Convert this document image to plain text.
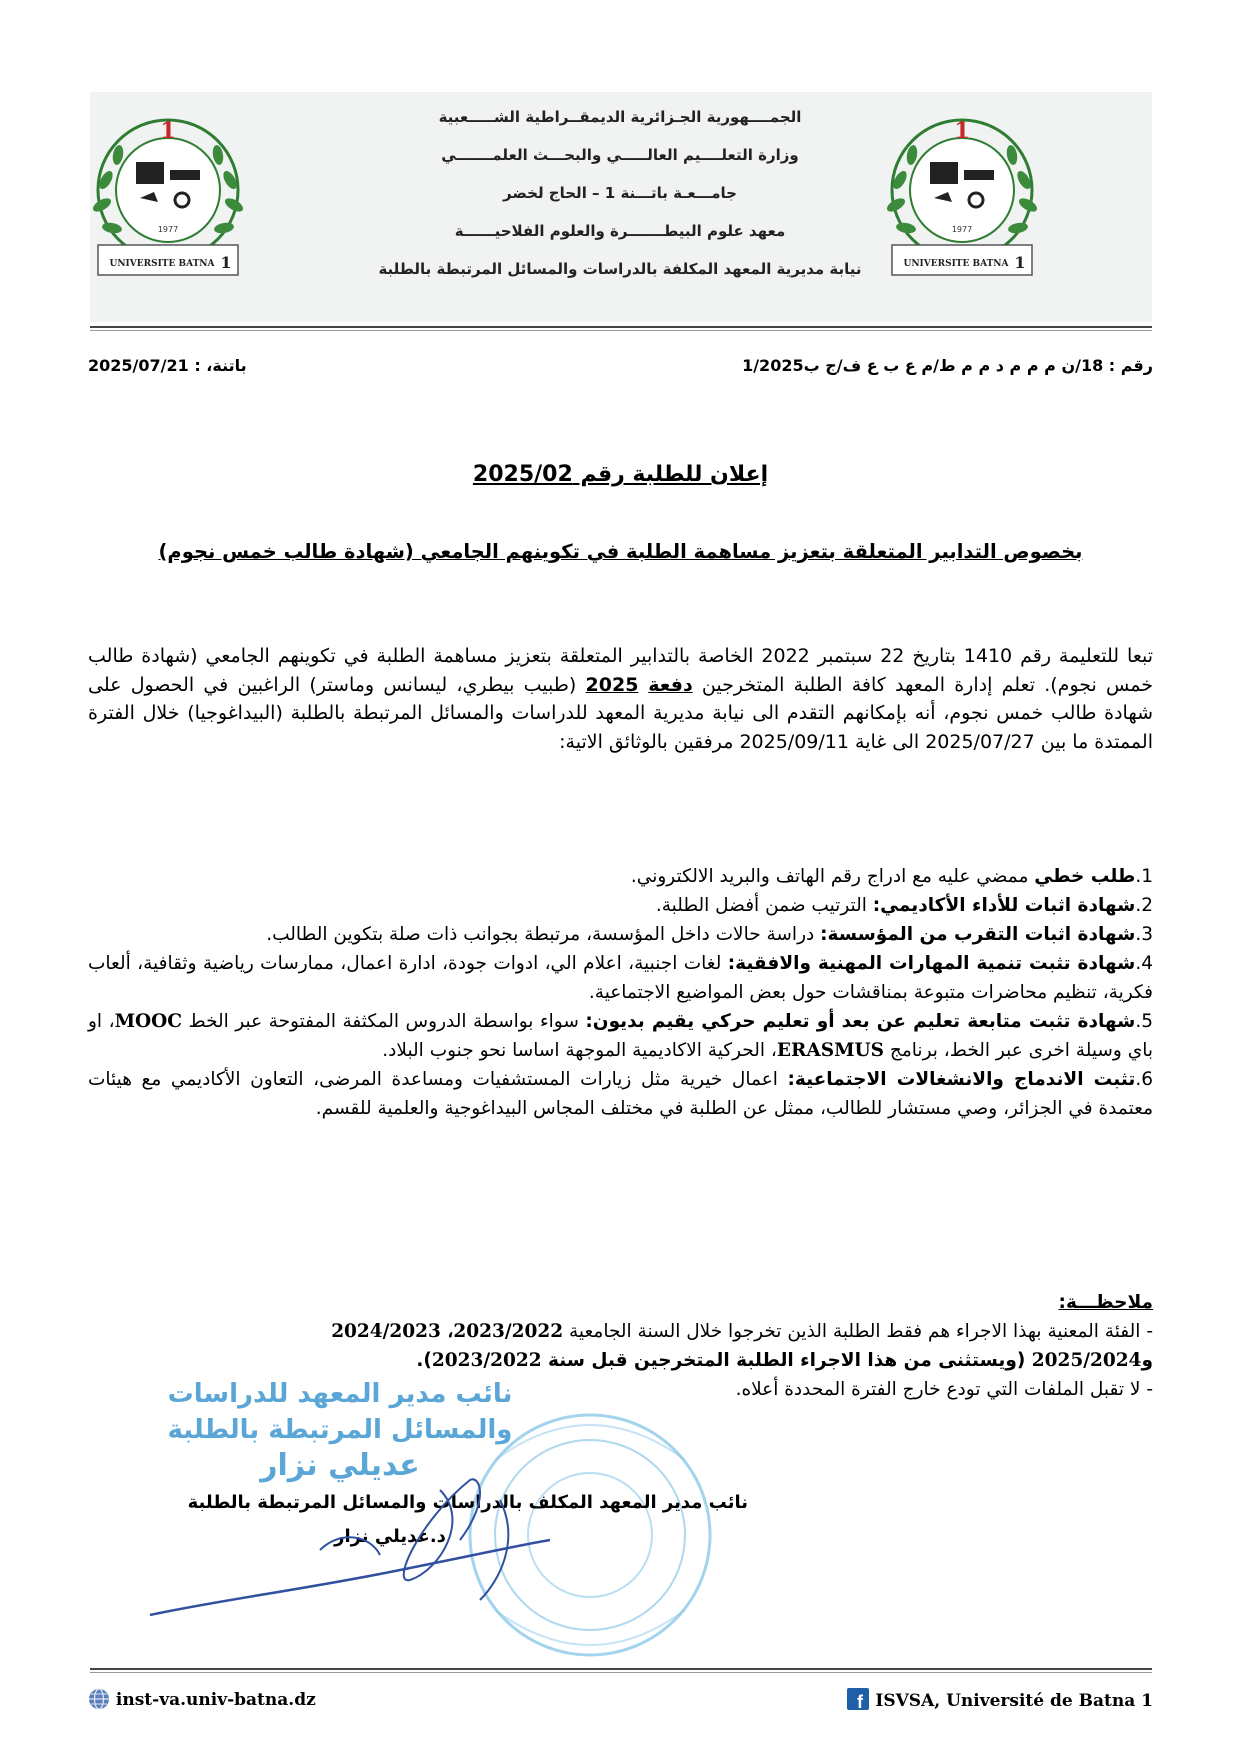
1
1977
UNIVERSITE BATNA 1
1
1977
UNIVERSITE BATNA 1
الجمــــهورية الجـزائرية الديمقــراطية الشـــــعبية
وزارة التعلــــيم العالـــــي والبحـــث العلمـــــــي
جامـــعـة باتـــنة 1 – الحاج لخضر
معهد علوم البيطـــــــرة والعلوم الفلاحيــــــة
نيابة مديرية المعهد المكلفة بالدراسات والمسائل المرتبطة بالطلبة
رقم : 18/ن م م م د م م ط/م ع ب ع ف/ج ب1/2025
باتنة، : 2025/07/21
إعلان للطلبة رقم 2025/02
بخصوص التدابير المتعلقة بتعزيز مساهمة الطلبة في تكوينهم الجامعي (شهادة طالب خمس نجوم)
تبعا للتعليمة رقم 1410 بتاريخ 22 سبتمبر 2022 الخاصة بالتدابير المتعلقة بتعزيز مساهمة الطلبة في تكوينهم الجامعي (شهادة طالب خمس نجوم). تعلم إدارة المعهد كافة الطلبة المتخرجين دفعة 2025 (طبيب بيطري، ليسانس وماستر) الراغبين في الحصول على شهادة طالب خمس نجوم، أنه بإمكانهم التقدم الى نيابة مديرية المعهد للدراسات والمسائل المرتبطة بالطلبة (البيداغوجيا) خلال الفترة الممتدة ما بين 2025/07/27 الى غاية 2025/09/11 مرفقين بالوثائق الاتية:

1.طلب خطي ممضي عليه مع ادراج رقم الهاتف والبريد الالكتروني.

2.شهادة اثبات للأداء الأكاديمي: الترتيب ضمن أفضل الطلبة.

3.شهادة اثبات التقرب من المؤسسة: دراسة حالات داخل المؤسسة، مرتبطة بجوانب ذات صلة بتكوين الطالب.

4.شهادة تثبت تنمية المهارات المهنية والافقية: لغات اجنبية، اعلام الي، ادوات جودة، ادارة اعمال، ممارسات رياضية وثقافية، ألعاب فكرية، تنظيم محاضرات متبوعة بمناقشات حول بعض المواضيع الاجتماعية.

5.شهادة تثبت متابعة تعليم عن بعد أو تعليم حركي يقيم بديون: سواء بواسطة الدروس المكثفة المفتوحة عبر الخط MOOC، او باي وسيلة اخرى عبر الخط، برنامج ERASMUS، الحركية الاكاديمية الموجهة اساسا نحو جنوب البلاد.

6.تثبت الاندماج والانشغالات الاجتماعية: اعمال خيرية مثل زيارات المستشفيات ومساعدة المرضى، التعاون الأكاديمي مع هيئات معتمدة في الجزائر، وصي مستشار للطالب، ممثل عن الطلبة في مختلف المجاس البيداغوجية والعلمية للقسم.

ملاحظـــة:
- الفئة المعنية بهذا الاجراء هم فقط الطلبة الذين تخرجوا خلال السنة الجامعية 2023/2022، 2024/2023
و2025/2024 (ويستثنى من هذا الاجراء الطلبة المتخرجين قبل سنة 2023/2022).
- لا تقبل الملفات التي تودع خارج الفترة المحددة أعلاه.
نائب مدير المعهد للدراسات
والمسائل المرتبطة بالطلبة
عديلي نزار
نائب مدير المعهد المكلف بالدراسات والمسائل المرتبطة بالطلبة
د.عديلي نزار
inst-va.univ-batna.dz	f ISVSA, Université de Batna 1
